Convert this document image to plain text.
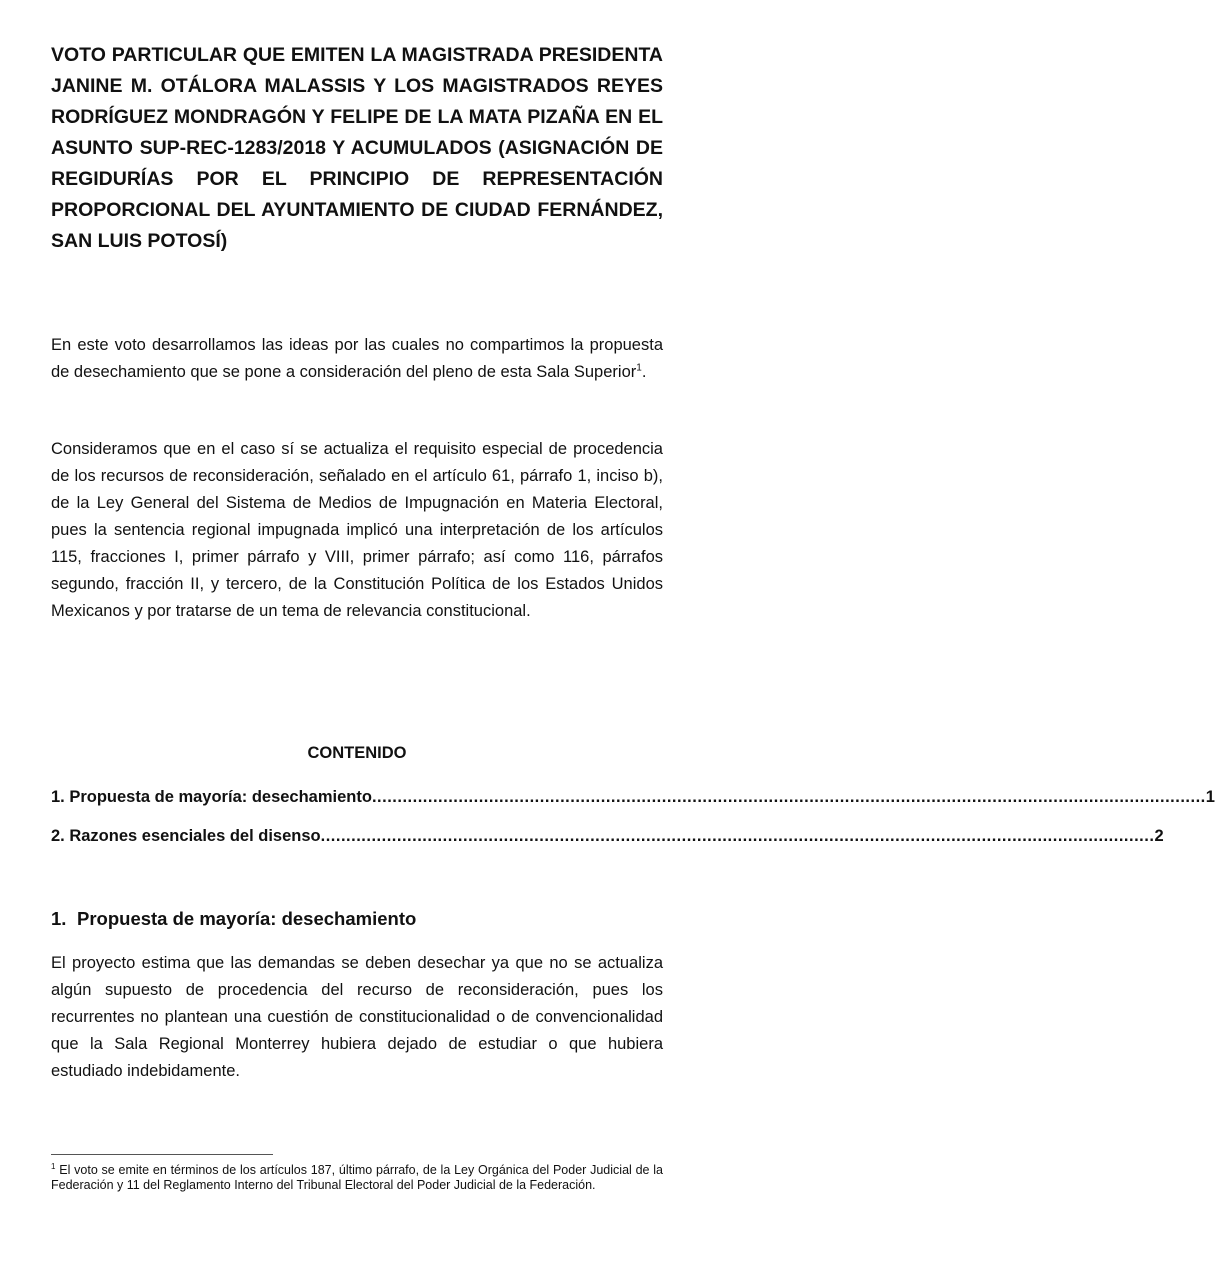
VOTO PARTICULAR QUE EMITEN LA MAGISTRADA PRESIDENTA JANINE M. OTÁLORA MALASSIS Y LOS MAGISTRADOS REYES RODRÍGUEZ MONDRAGÓN Y FELIPE DE LA MATA PIZAÑA EN EL ASUNTO SUP-REC-1283/2018 Y ACUMULADOS (ASIGNACIÓN DE REGIDURÍAS POR EL PRINCIPIO DE REPRESENTACIÓN PROPORCIONAL DEL AYUNTAMIENTO DE CIUDAD FERNÁNDEZ, SAN LUIS POTOSÍ)

En este voto desarrollamos las ideas por las cuales no compartimos la propuesta de desechamiento que se pone a consideración del pleno de esta Sala Superior$^1$.

Consideramos que en el caso sí se actualiza el requisito especial de procedencia de los recursos de reconsideración, señalado en el artículo 61, párrafo 1, inciso b), de la Ley General del Sistema de Medios de Impugnación en Materia Electoral, pues la sentencia regional impugnada implicó una interpretación de los artículos 115, fracciones I, primer párrafo y VIII, primer párrafo; así como 116, párrafos segundo, fracción II, y tercero, de la Constitución Política de los Estados Unidos Mexicanos y por tratarse de un tema de relevancia constitucional.

CONTENIDO
1. Propuesta de mayoría: desechamiento .................................................................................................................................................................... 1
2. Razones esenciales del disenso .................................................................................................................................................................... 2
1. Propuesta de mayoría: desechamiento

El proyecto estima que las demandas se deben desechar ya que no se actualiza algún supuesto de procedencia del recurso de reconsideración, pues los recurrentes no plantean una cuestión de constitucionalidad o de convencionalidad que la Sala Regional Monterrey hubiera dejado de estudiar o que hubiera estudiado indebidamente.

$^1$ El voto se emite en términos de los artículos 187, último párrafo, de la Ley Orgánica del Poder Judicial de la Federación y 11 del Reglamento Interno del Tribunal Electoral del Poder Judicial de la Federación.
